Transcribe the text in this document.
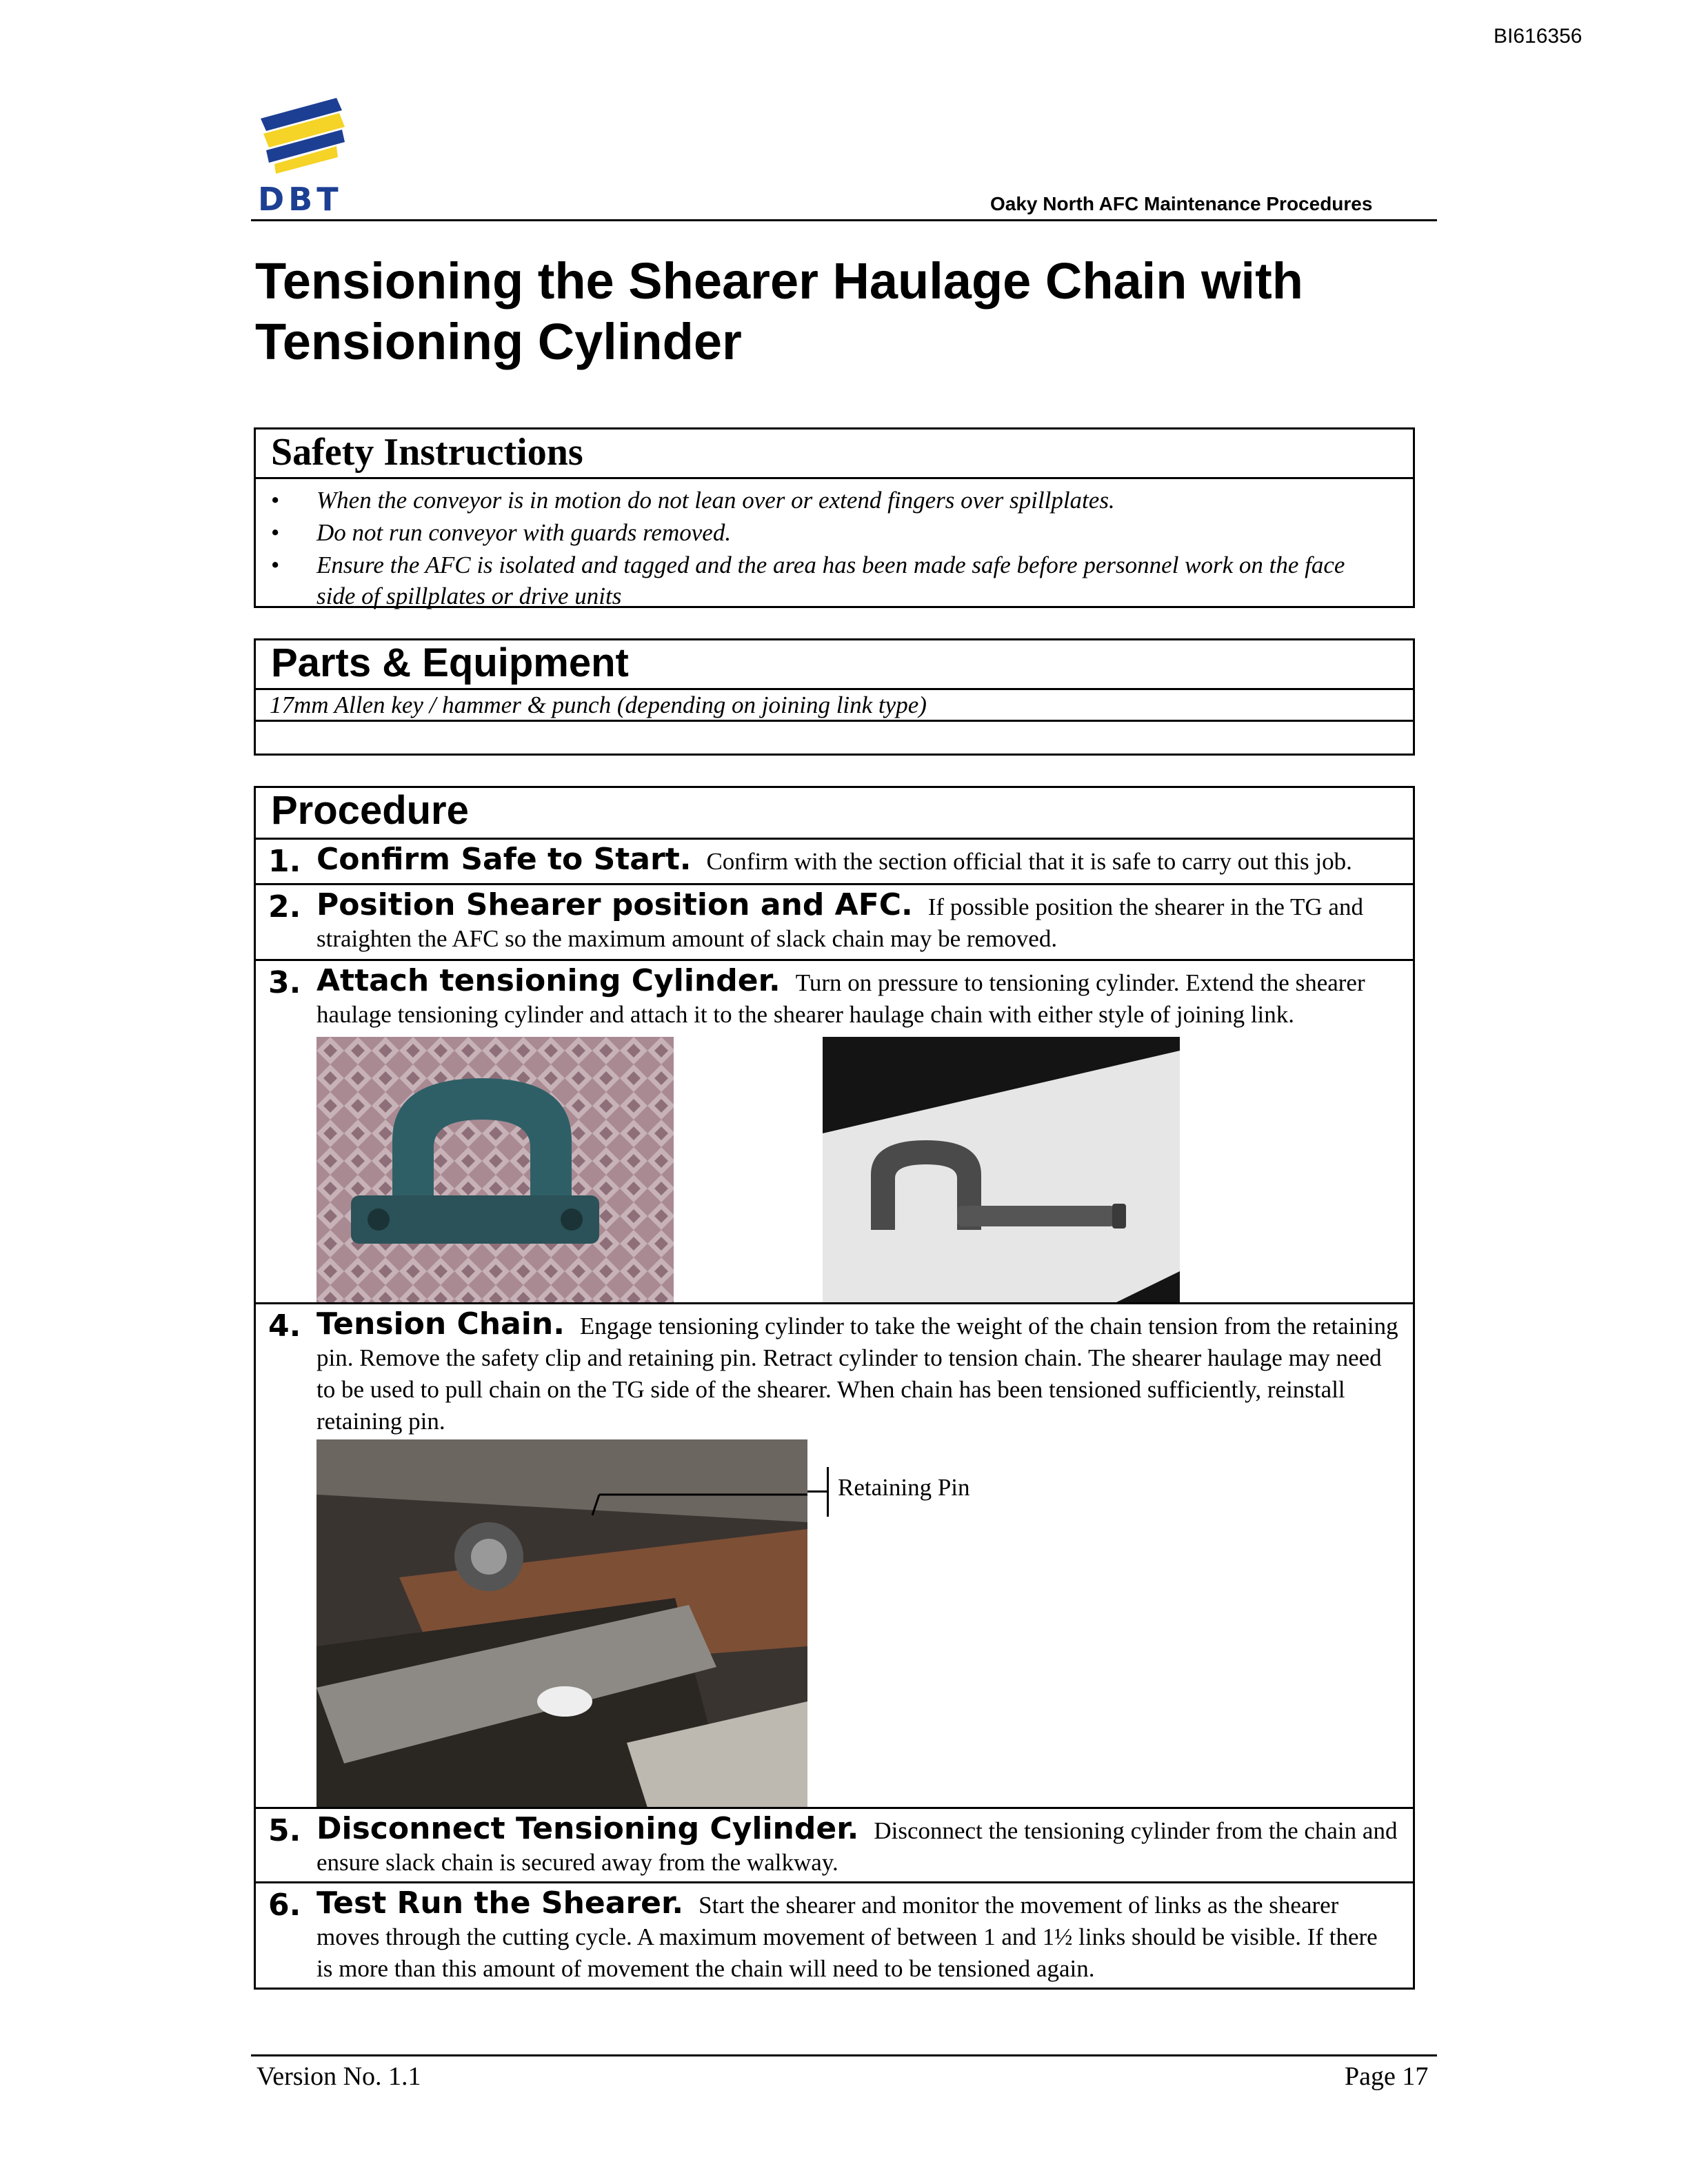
BI616356
DBT	Oaky North AFC Maintenance Procedures
Tensioning the Shearer Haulage Chain with
Tensioning Cylinder
Safety Instructions
• When the conveyor is in motion do not lean over or extend fingers over spillplates.
• Do not run conveyor with guards removed.
• Ensure the AFC is isolated and tagged and the area has been made safe before personnel work on the face side of spillplates or drive units
Parts & Equipment
17mm Allen key / hammer & punch (depending on joining link type)
Procedure
1. Confirm Safe to Start. Confirm with the section official that it is safe to carry out this job.
2. Position Shearer position and AFC. If possible position the shearer in the TG and straighten the AFC so the maximum amount of slack chain may be removed.
3. Attach tensioning Cylinder. Turn on pressure to tensioning cylinder. Extend the shearer haulage tensioning cylinder and attach it to the shearer haulage chain with either style of joining link.
4. Tension Chain. Engage tensioning cylinder to take the weight of the chain tension from the retaining pin. Remove the safety clip and retaining pin. Retract cylinder to tension chain. The shearer haulage may need to be used to pull chain on the TG side of the shearer. When chain has been tensioned sufficiently, reinstall retaining pin.
Retaining Pin
5. Disconnect Tensioning Cylinder. Disconnect the tensioning cylinder from the chain and ensure slack chain is secured away from the walkway.
6. Test Run the Shearer. Start the shearer and monitor the movement of links as the shearer moves through the cutting cycle. A maximum movement of between 1 and 1½ links should be visible. If there is more than this amount of movement the chain will need to be tensioned again.
Version No. 1.1	Page 17
